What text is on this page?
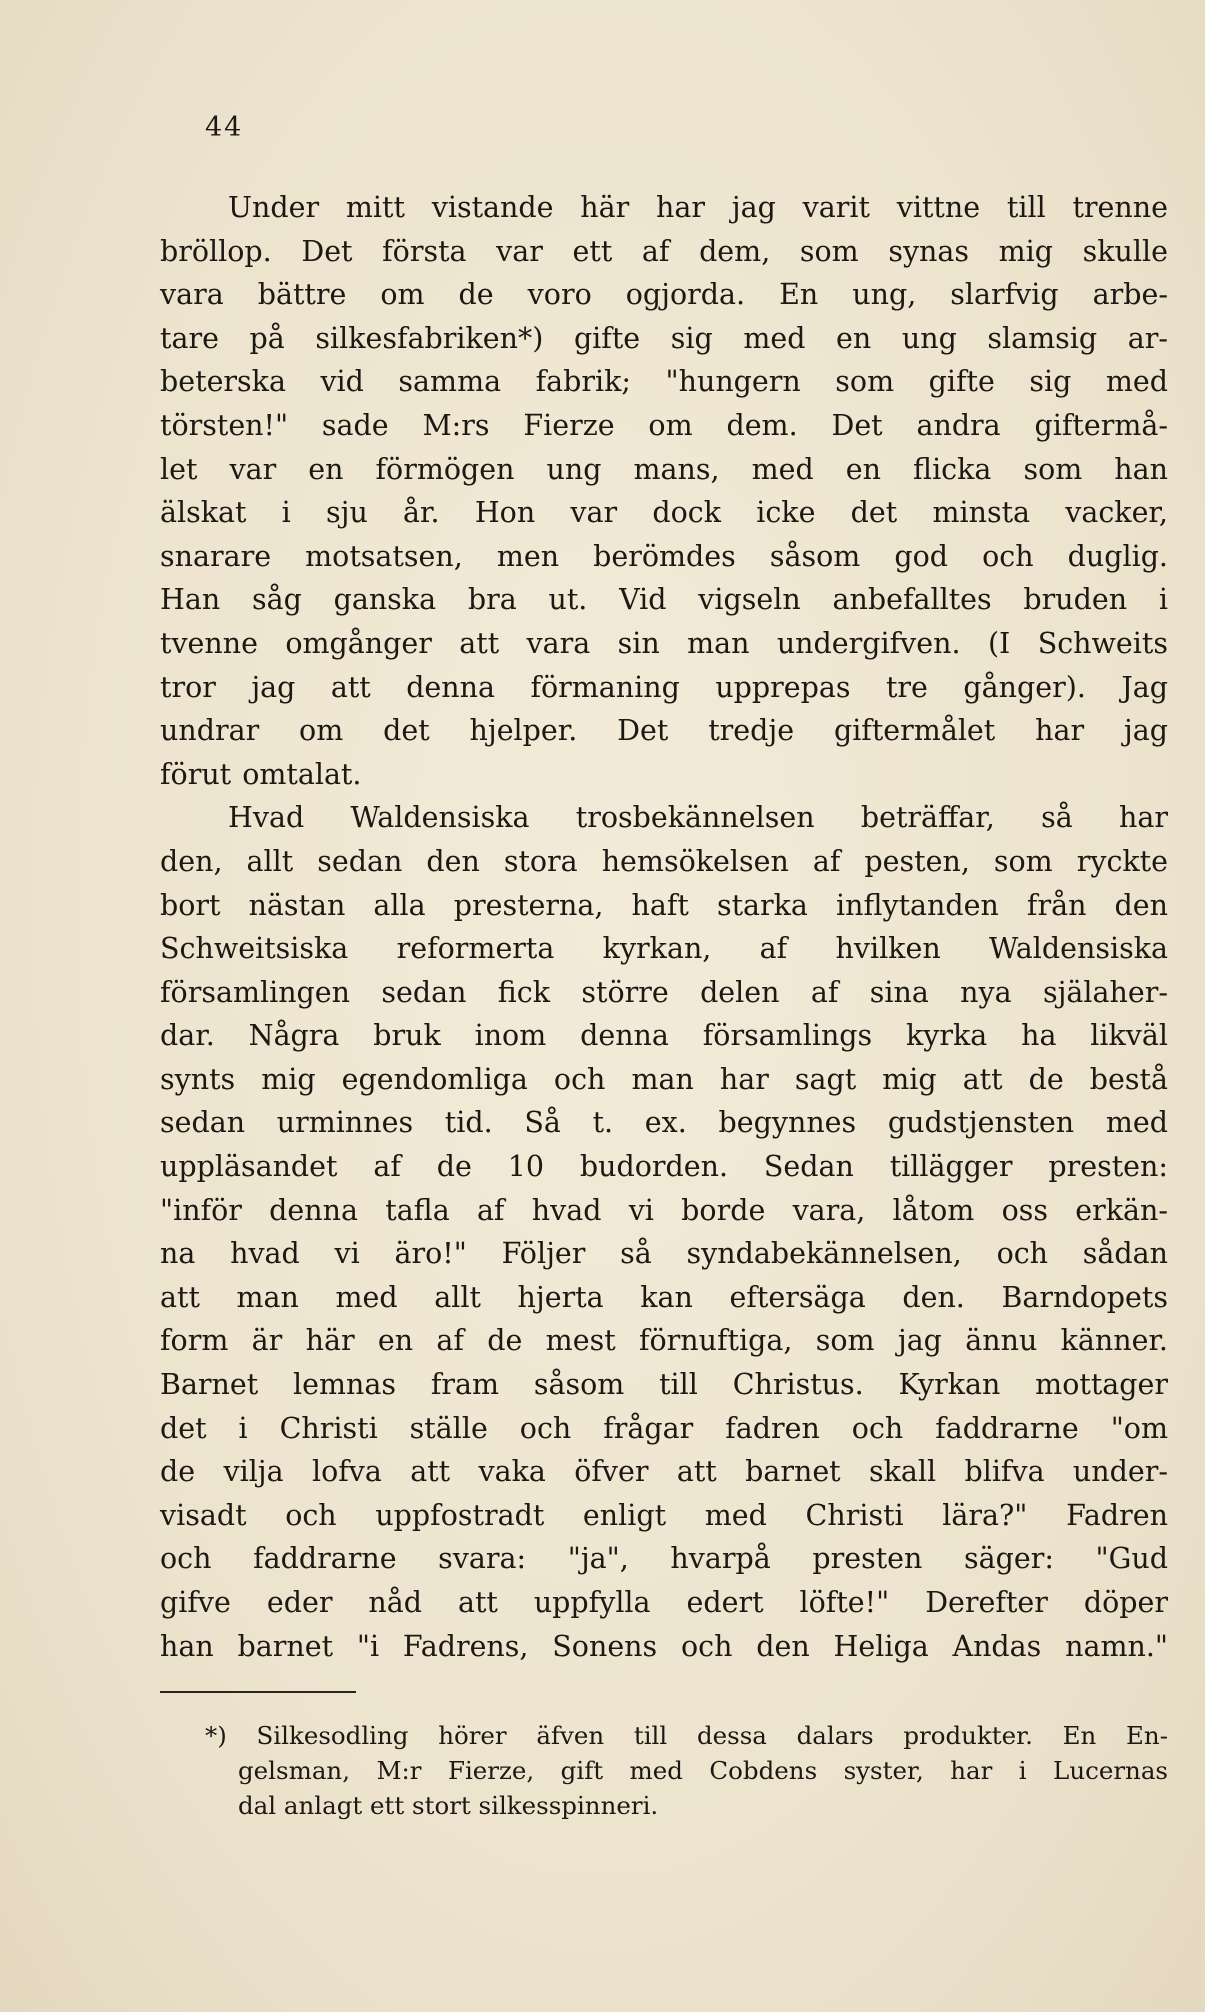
44
Under mitt vistande här har jag varit vittne till trenne
bröllop. Det första var ett af dem, som synas mig skulle
vara bättre om de voro ogjorda. En ung, slarfvig arbe-
tare på silkesfabriken*) gifte sig med en ung slamsig ar-
beterska vid samma fabrik; "hungern som gifte sig med
törsten!" sade M:rs Fierze om dem. Det andra giftermå-
let var en förmögen ung mans, med en flicka som han
älskat i sju år. Hon var dock icke det minsta vacker,
snarare motsatsen, men berömdes såsom god och duglig.
Han såg ganska bra ut. Vid vigseln anbefalltes bruden i
tvenne omgånger att vara sin man undergifven. (I Schweits
tror jag att denna förmaning upprepas tre gånger). Jag
undrar om det hjelper. Det tredje giftermålet har jag
förut omtalat.
Hvad Waldensiska trosbekännelsen beträffar, så har
den, allt sedan den stora hemsökelsen af pesten, som ryckte
bort nästan alla presterna, haft starka inflytanden från den
Schweitsiska reformerta kyrkan, af hvilken Waldensiska
församlingen sedan fick större delen af sina nya själaher-
dar. Några bruk inom denna församlings kyrka ha likväl
synts mig egendomliga och man har sagt mig att de bestå
sedan urminnes tid. Så t. ex. begynnes gudstjensten med
uppläsandet af de 10 budorden. Sedan tillägger presten:
"inför denna tafla af hvad vi borde vara, låtom oss erkän-
na hvad vi äro!" Följer så syndabekännelsen, och sådan
att man med allt hjerta kan eftersäga den. Barndopets
form är här en af de mest förnuftiga, som jag ännu känner.
Barnet lemnas fram såsom till Christus. Kyrkan mottager
det i Christi ställe och frågar fadren och faddrarne "om
de vilja lofva att vaka öfver att barnet skall blifva under-
visadt och uppfostradt enligt med Christi lära?" Fadren
och faddrarne svara: "ja", hvarpå presten säger: "Gud
gifve eder nåd att uppfylla edert löfte!" Derefter döper
han barnet "i Fadrens, Sonens och den Heliga Andas namn."
*) Silkesodling hörer äfven till dessa dalars produkter. En En-
gelsman, M:r Fierze, gift med Cobdens syster, har i Lucernas
dal anlagt ett stort silkesspinneri.
